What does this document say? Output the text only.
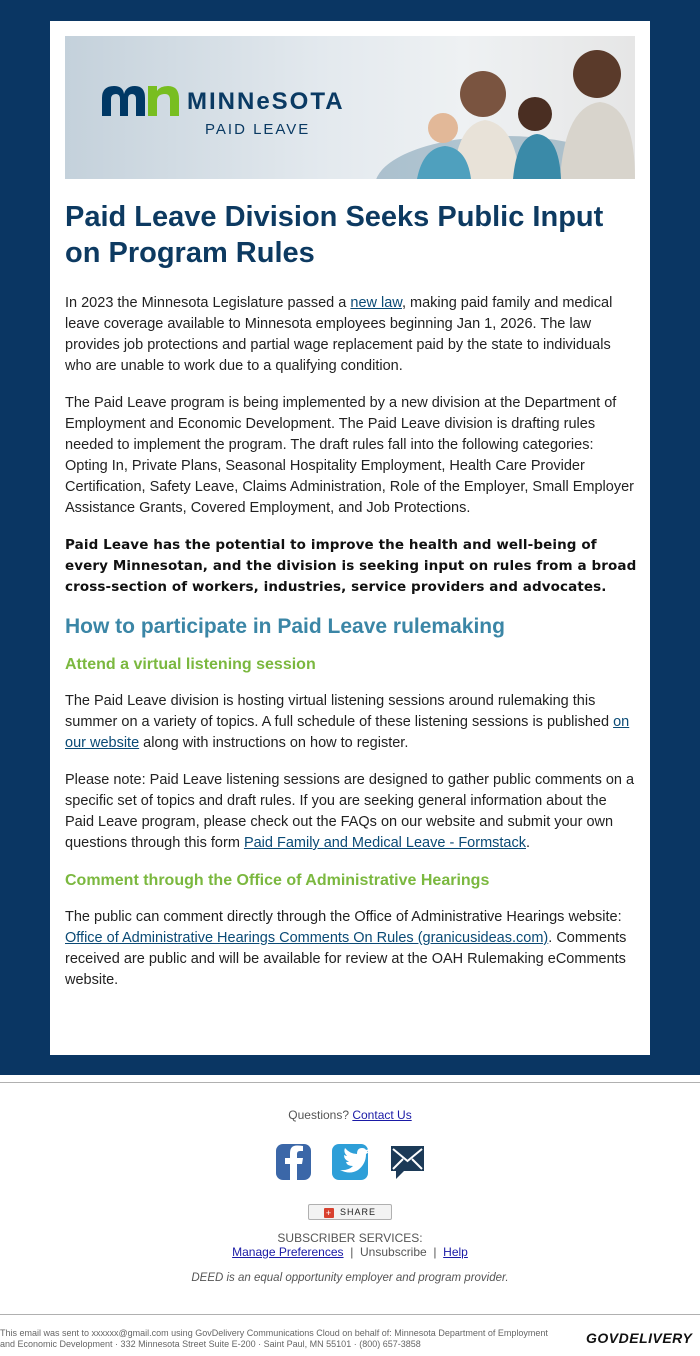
MINNeSOTA
PAID LEAVE
Paid Leave Division Seeks Public Input on Program Rules

In 2023 the Minnesota Legislature passed a new law, making paid family and medical leave coverage available to Minnesota employees beginning Jan 1, 2026. The law provides job protections and partial wage replacement paid by the state to individuals who are unable to work due to a qualifying condition.

The Paid Leave program is being implemented by a new division at the Department of Employment and Economic Development. The Paid Leave division is drafting rules needed to implement the program. The draft rules fall into the following categories: Opting In, Private Plans, Seasonal Hospitality Employment, Health Care Provider Certification, Safety Leave, Claims Administration, Role of the Employer, Small Employer Assistance Grants, Covered Employment, and Job Protections.

Paid Leave has the potential to improve the health and well-being of every Minnesotan, and the division is seeking input on rules from a broad cross-section of workers, industries, service providers and advocates.

How to participate in Paid Leave rulemaking
Attend a virtual listening session

The Paid Leave division is hosting virtual listening sessions around rulemaking this summer on a variety of topics. A full schedule of these listening sessions is published on our website along with instructions on how to register.

Please note: Paid Leave listening sessions are designed to gather public comments on a specific set of topics and draft rules. If you are seeking general information about the Paid Leave program, please check out the FAQs on our website and submit your own questions through this form Paid Family and Medical Leave - Formstack.

Comment through the Office of Administrative Hearings

The public can comment directly through the Office of Administrative Hearings website: Office of Administrative Hearings Comments On Rules (granicusideas.com). Comments received are public and will be available for review at the OAH Rulemaking eComments website.

Questions? Contact Us
+ SHARE
SUBSCRIBER SERVICES:
Manage Preferences | Unsubscribe | Help
DEED is an equal opportunity employer and program provider.
This email was sent to xxxxxx@gmail.com using GovDelivery Communications Cloud on behalf of: Minnesota Department of Employment and Economic Development · 332 Minnesota Street Suite E-200 · Saint Paul, MN 55101 · (800) 657-3858	GOVDELIVERY
